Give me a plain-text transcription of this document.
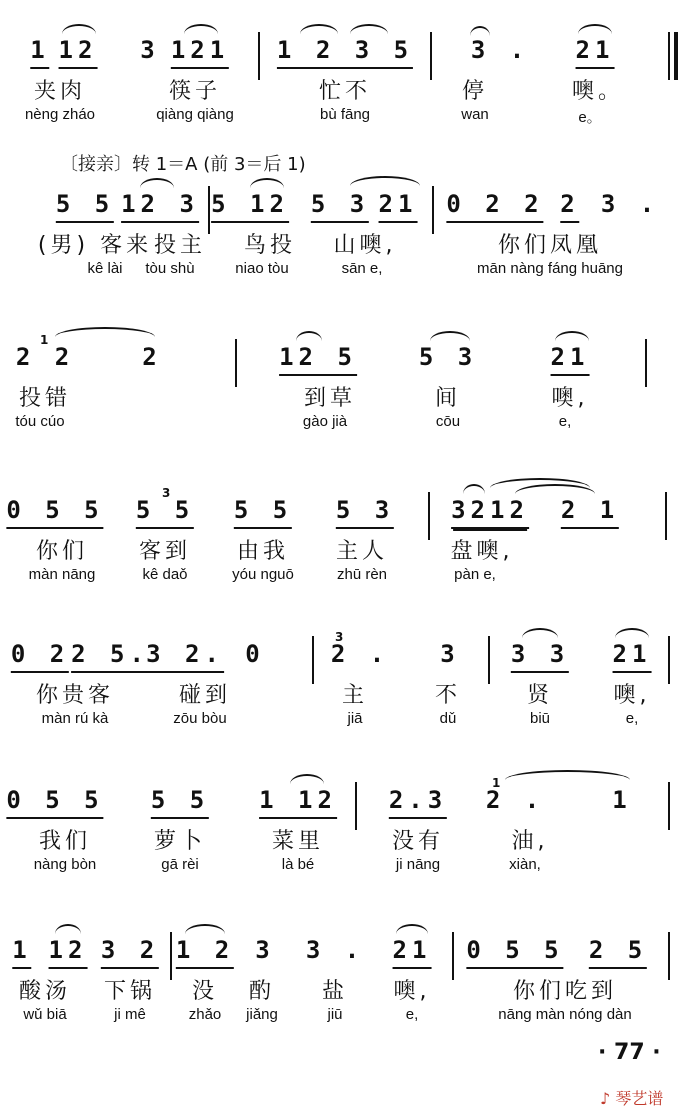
1 12 3 121 1 2 3 5 3 . 21
夹肉	筷子	忙不	停	噢。
nèng zháo	qiàng qiàng	bù fāng	wan	e。
〔接亲〕转 1＝A (前 3＝后 1)
5 5 12 3 5 12 5 3 21 0 2 2 2 3 .
(男) 客来 投主 鸟投 山噢,	你们凤凰
kê lài tòu shù	niao tòu	sān e,	mān nàng fáng huāng
1
2 2	2	12 5	5 3	21
投错	到草	间	噢,
tóu cúo	gào jià	cōu	e,
0 5 5
3
5 5 5 5 5 3 3212 2 1
你们 客到 由我 主人	盘噢,
màn nāng	kê daǒ	yóu nguō	zhū rèn	pàn e,
0 2 2 5.
3 2. 0
3
2 . 3 3 3 21
你贵客	碰到	主	不	贤	噢,
màn rú kà	zōu bòu	jiā	dǔ	biū	e,
0 5 5 5 5 1 12 2.3
1
2 .	1
我们	萝卜	菜里	没有	油,
nàng bòn	gā rèi	là bé	ji nāng	xiàn,
1 12 3 2 1 2 3 3 . 21 0 5 5 2 5
酸汤 下锅 没 酌 盐 噢,	你们吃到
wǔ biā	ji mê	zhǎo jiǎng	jiū	e,	nāng màn nóng dàn
· 77 ·
♪ 琴艺谱
